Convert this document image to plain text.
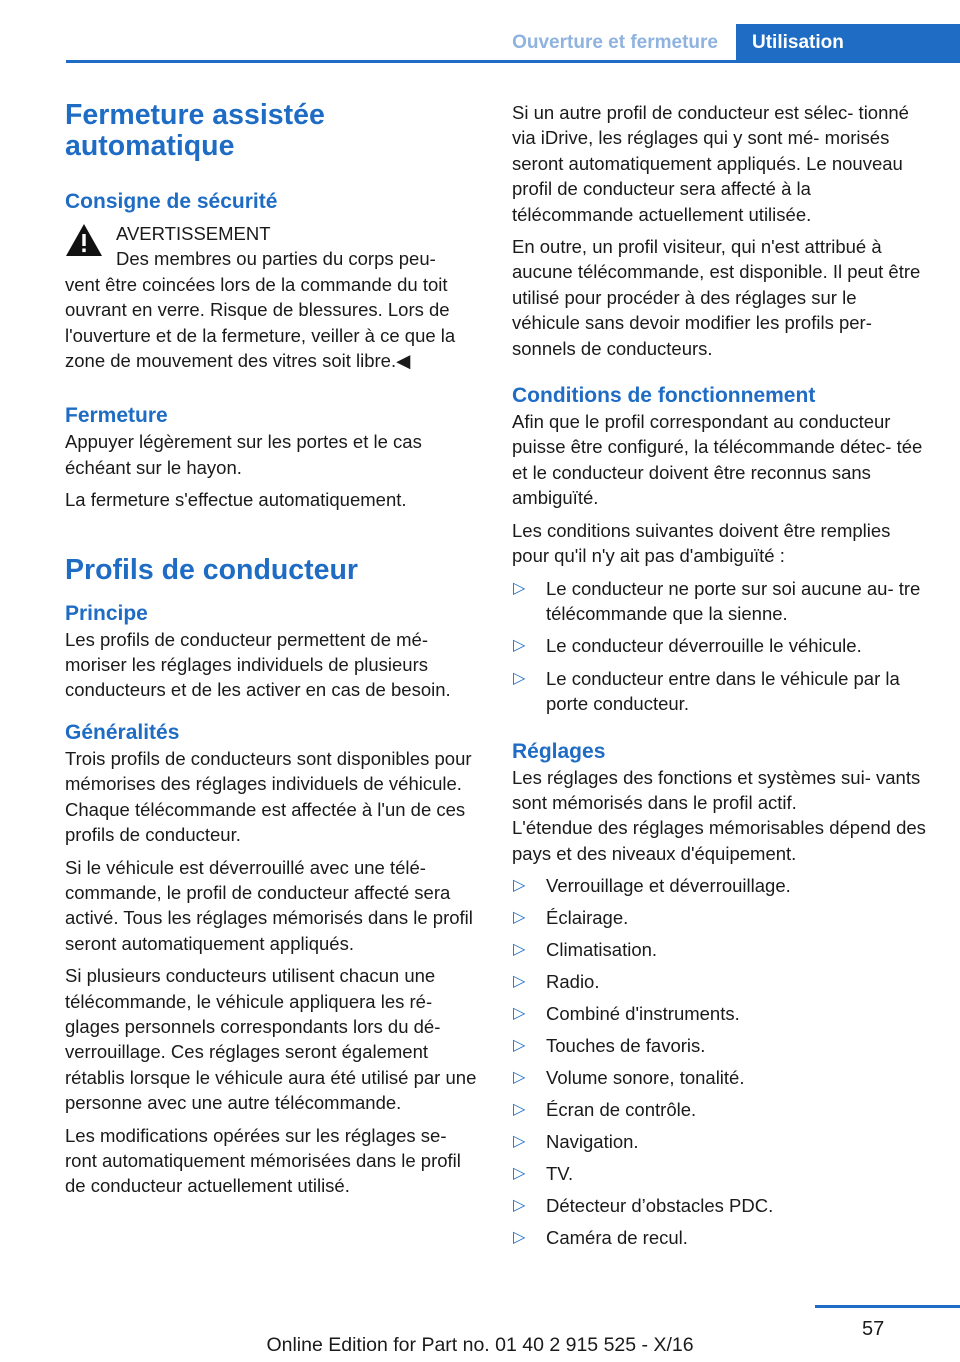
Ouverture et fermeture	Utilisation
Fermeture assistée automatique
Consigne de sécurité
AVERTISSEMENT
Des membres ou parties du corps peu‐
vent être coincées lors de la commande du toit ouvrant en verre. Risque de blessures. Lors de l'ouverture et de la fermeture, veiller à ce que la zone de mouvement des vitres soit libre.◀
Fermeture

Appuyer légèrement sur les portes et le cas échéant sur le hayon.

La fermeture s'effectue automatiquement.

Profils de conducteur
Principe

Les profils de conducteur permettent de mé‐ moriser les réglages individuels de plusieurs conducteurs et de les activer en cas de besoin.

Généralités

Trois profils de conducteurs sont disponibles pour mémorises des réglages individuels de véhicule. Chaque télécommande est affectée à l'un de ces profils de conducteur.

Si le véhicule est déverrouillé avec une télé‐ commande, le profil de conducteur affecté sera activé. Tous les réglages mémorisés dans le profil seront automatiquement appliqués.

Si plusieurs conducteurs utilisent chacun une télécommande, le véhicule appliquera les ré‐ glages personnels correspondants lors du dé‐ verrouillage. Ces réglages seront également rétablis lorsque le véhicule aura été utilisé par une personne avec une autre télécommande.

Les modifications opérées sur les réglages se‐ ront automatiquement mémorisées dans le profil de conducteur actuellement utilisé.

Si un autre profil de conducteur est sélec‐ tionné via iDrive, les réglages qui y sont mé‐ morisés seront automatiquement appliqués. Le nouveau profil de conducteur sera affecté à la télécommande actuellement utilisée.

En outre, un profil visiteur, qui n'est attribué à aucune télécommande, est disponible. Il peut être utilisé pour procéder à des réglages sur le véhicule sans devoir modifier les profils per‐ sonnels de conducteurs.

Conditions de fonctionnement

Afin que le profil correspondant au conducteur puisse être configuré, la télécommande détec‐ tée et le conducteur doivent être reconnus sans ambiguïté.

Les conditions suivantes doivent être remplies pour qu'il n'y ait pas d'ambiguïté :

▷ Le conducteur ne porte sur soi aucune au‐ tre télécommande que la sienne.
▷ Le conducteur déverrouille le véhicule.
▷ Le conducteur entre dans le véhicule par la porte conducteur.
Réglages

Les réglages des fonctions et systèmes sui‐ vants sont mémorisés dans le profil actif.

L'étendue des réglages mémorisables dépend des pays et des niveaux d'équipement.

▷ Verrouillage et déverrouillage.
▷ Éclairage.
▷ Climatisation.
▷ Radio.
▷ Combiné d'instruments.
▷ Touches de favoris.
▷ Volume sonore, tonalité.
▷ Écran de contrôle.
▷ Navigation.
▷ TV.
▷ Détecteur d’obstacles PDC.
▷ Caméra de recul.
57
Online Edition for Part no. 01 40 2 915 525 - X/16
